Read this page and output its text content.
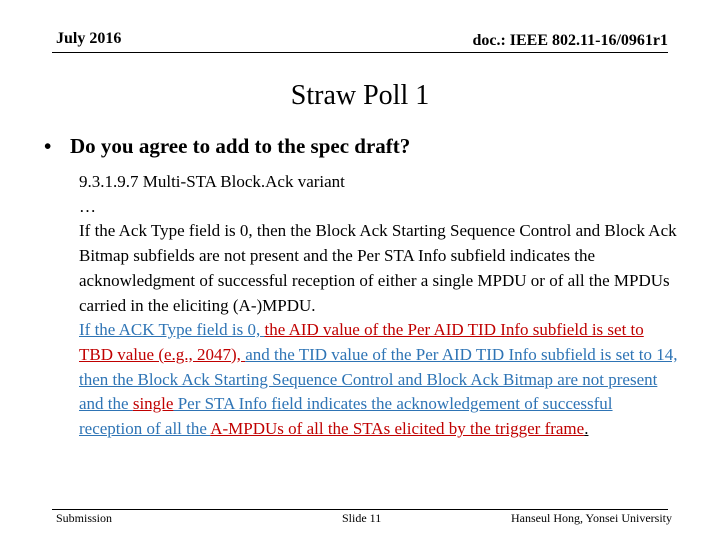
July 2016	doc.: IEEE 802.11-16/0961r1
Straw Poll 1
• Do you agree to add to the spec draft?

9.3.1.9.7 Multi-STA Block.Ack variant

…

If the Ack Type field is 0, then the Block Ack Starting Sequence Control and Block Ack Bitmap subfields are not present and the Per STA Info subfield indicates the acknowledgment of successful reception of either a single MPDU or of all the MPDUs carried in the eliciting (A-)MPDU.

If the ACK Type field is 0, the AID value of the Per AID TID Info subfield is set to TBD value (e.g., 2047), and the TID value of the Per AID TID Info subfield is set to 14, then the Block Ack Starting Sequence Control and Block Ack Bitmap are not present and the single Per STA Info field indicates the acknowledgement of successful reception of all the A-MPDUs of all the STAs elicited by the trigger frame.

Submission	Slide 11	Hanseul Hong, Yonsei University
